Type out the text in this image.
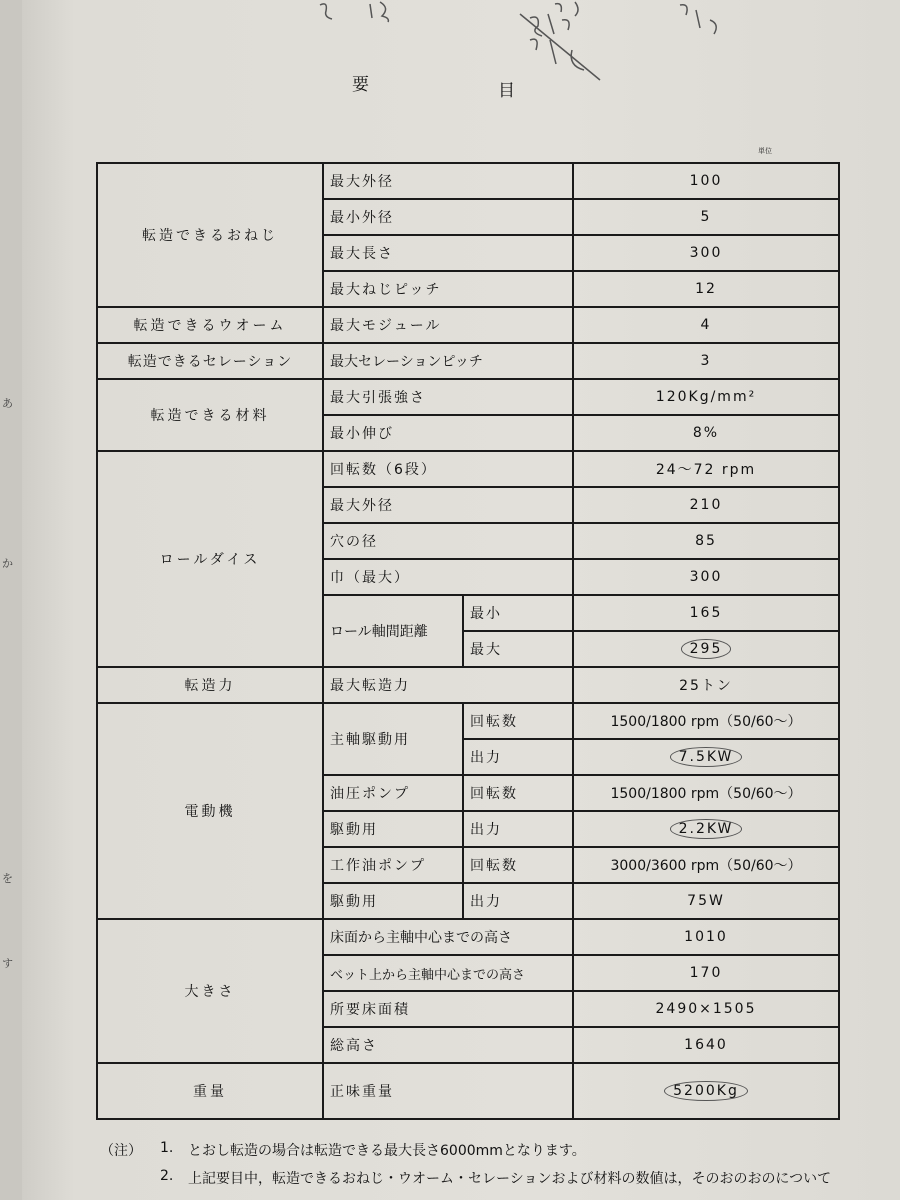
あ
か
を
す
要	目
単位
転造できるおねじ	最大外径		100
	最小外径		5
	最大長さ		300
	最大ねじピッチ		12
転造できるウオーム	最大モジュール		4
転造できるセレーション	最大セレーションピッチ		3
転造できる材料	最大引張強さ		120Kg/mm²
	最小伸び		8%
ロールダイス	回転数（6段）		24～72 rpm
	最大外径		210
	穴の径		85
	巾（最大）		300
	ロール軸間距離	最小	165
		最大	295
転造力	最大転造力		25トン
電動機	主軸駆動用	回転数	1500/1800 rpm（50/60〜）
		出力	7.5KW
	油圧ポンプ	回転数	1500/1800 rpm（50/60〜）
	駆動用	出力	2.2KW
	工作油ポンプ	回転数	3000/3600 rpm（50/60〜）
	駆動用	出力	75W
大きさ	床面から主軸中心までの高さ		1010
	ベット上から主軸中心までの高さ		170
	所要床面積		2490×1505
	総高さ		1640
重量	正味重量		5200Kg
（注） 1. とおし転造の場合は転造できる最大長さ6000mmとなります。
2. 上記要目中，転造できるおねじ・ウオーム・セレーションおよび材料の数値は，そのおのおのについて
